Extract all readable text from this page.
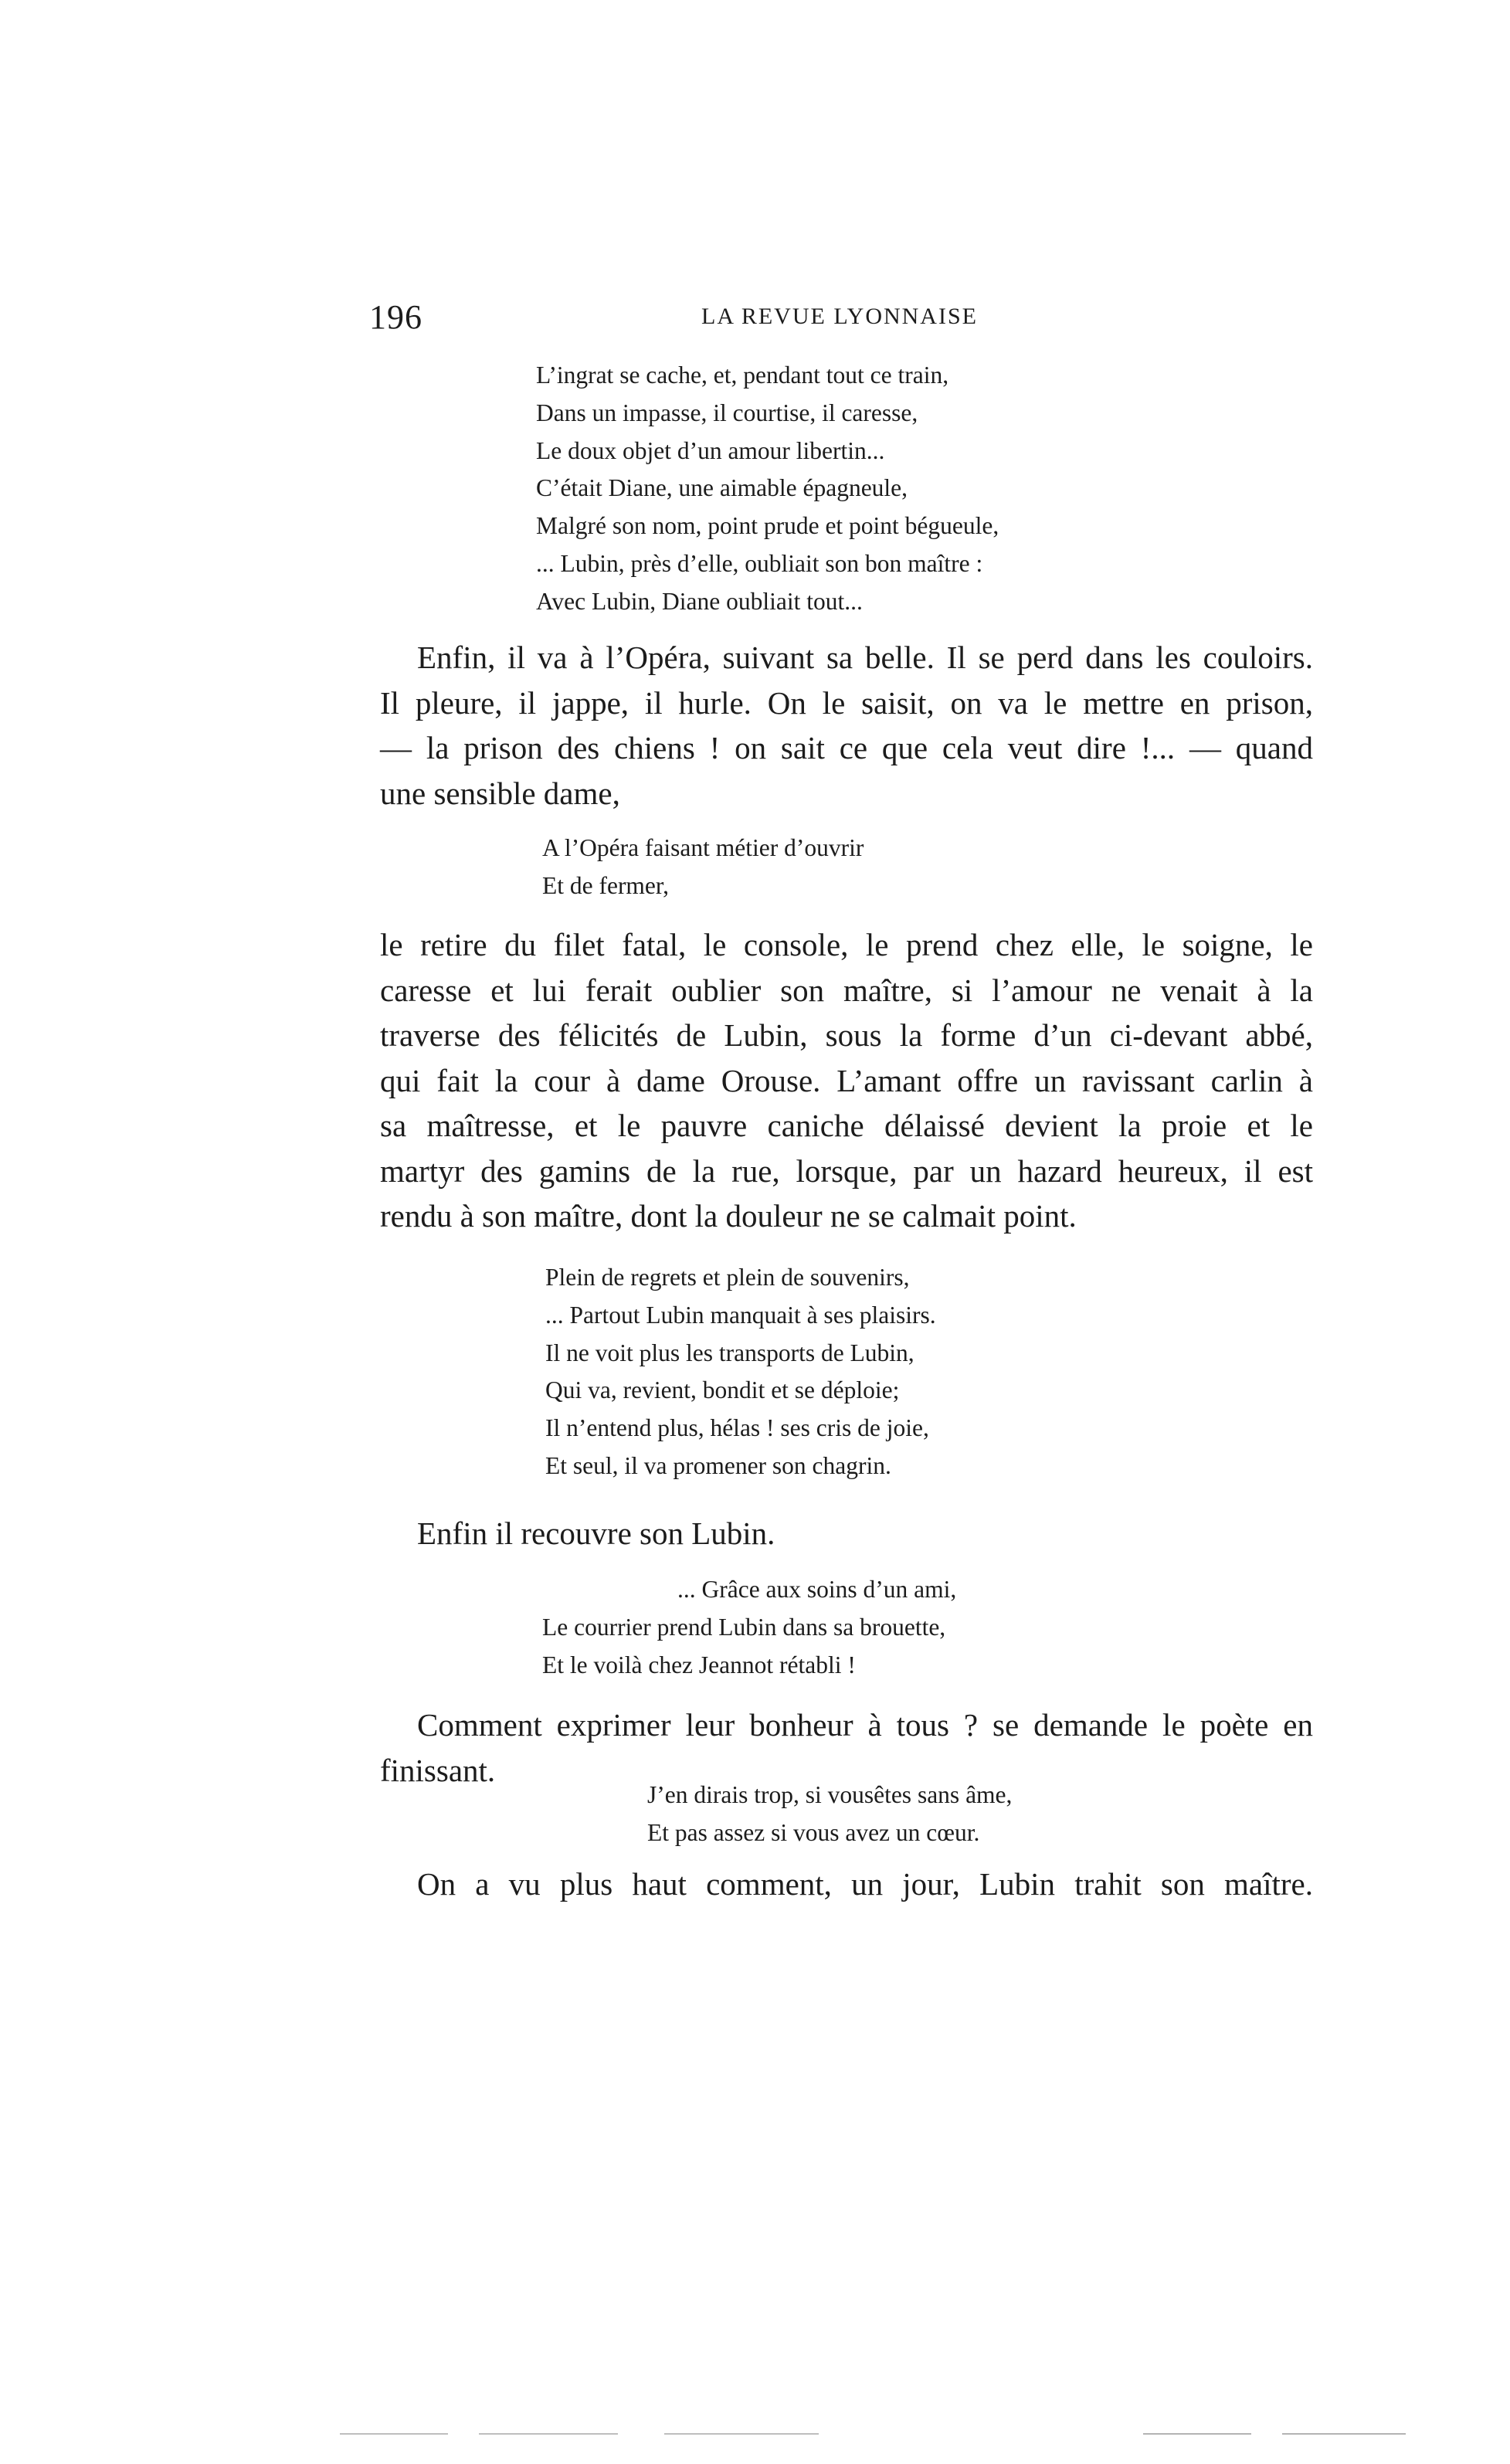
196	LA REVUE LYONNAISE
L’ingrat se cache, et, pendant tout ce train,
Dans un impasse, il courtise, il caresse,
Le doux objet d’un amour libertin...
C’était Diane, une aimable épagneule,
Malgré son nom, point prude et point bégueule,
... Lubin, près d’elle, oubliait son bon maître :
Avec Lubin, Diane oubliait tout...
Enfin, il va à l’Opéra, suivant sa belle. Il se perd dans les couloirs.
Il pleure, il jappe, il hurle. On le saisit, on va le mettre en prison,
— la prison des chiens ! on sait ce que cela veut dire !... — quand
une sensible dame,
A l’Opéra faisant métier d’ouvrir
Et de fermer,
le retire du filet fatal, le console, le prend chez elle, le soigne, le
caresse et lui ferait oublier son maître, si l’amour ne venait à la
traverse des félicités de Lubin, sous la forme d’un ci-devant abbé,
qui fait la cour à dame Orouse. L’amant offre un ravissant carlin à
sa maîtresse, et le pauvre caniche délaissé devient la proie et le
martyr des gamins de la rue, lorsque, par un hazard heureux, il est
rendu à son maître, dont la douleur ne se calmait point.
Plein de regrets et plein de souvenirs,
... Partout Lubin manquait à ses plaisirs.
Il ne voit plus les transports de Lubin,
Qui va, revient, bondit et se déploie;
Il n’entend plus, hélas ! ses cris de joie,
Et seul, il va promener son chagrin.
Enfin il recouvre son Lubin.
... Grâce aux soins d’un ami,
Le courrier prend Lubin dans sa brouette,
Et le voilà chez Jeannot rétabli !
Comment exprimer leur bonheur à tous ? se demande le poète en
finissant.
J’en dirais trop, si vousêtes sans âme,
Et pas assez si vous avez un cœur.
On a vu plus haut comment, un jour, Lubin trahit son maître.
